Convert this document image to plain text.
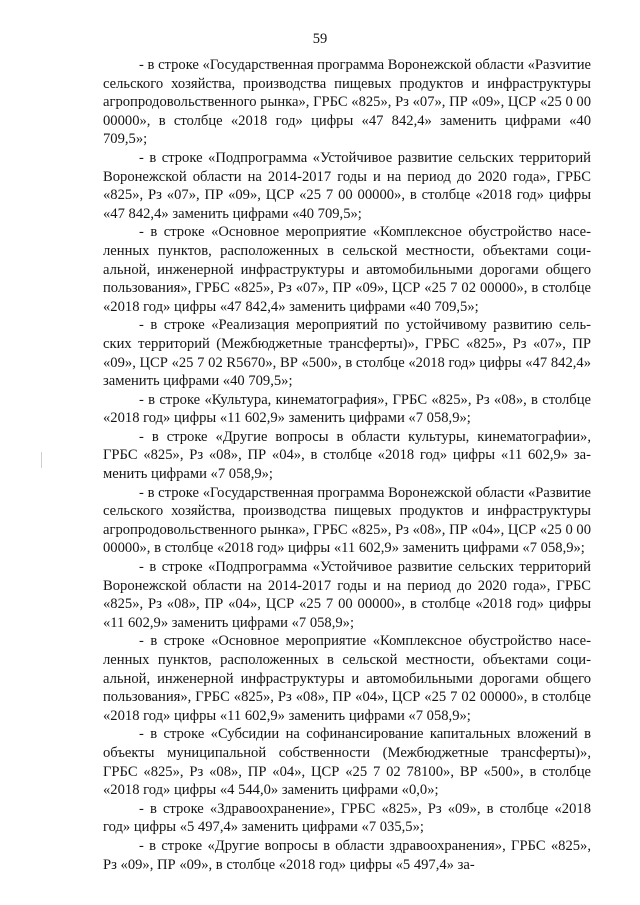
59

- в строке «Государственная программа Воронежской области «Разvитие сельского хозяйства, производства пищевых продуктов и инфраструктуры агропродовольственного рынка», ГРБС «825», Рз «07», ПР «09», ЦСР «25 0 00 00000», в столбце «2018 год» цифры «47 842,4» заменить цифрами «40 709,5»;

- в строке «Подпрограмма «Устойчивое развитие сельских территорий Воронежской области на 2014-2017 годы и на период до 2020 года», ГРБС «825», Рз «07», ПР «09», ЦСР «25 7 00 00000», в столбце «2018 год» цифры «47 842,4» заменить цифрами «40 709,5»;

- в строке «Основное мероприятие «Комплексное обустройство населенных пунктов, расположенных в сельской местности, объектами социальной, инженерной инфраструктуры и автомобильными дорогами общего пользования», ГРБС «825», Рз «07», ПР «09», ЦСР «25 7 02 00000», в столбце «2018 год» цифры «47 842,4» заменить цифрами «40 709,5»;

- в строке «Реализация мероприятий по устойчивому развитию сельских территорий (Межбюджетные трансферты)», ГРБС «825», Рз «07», ПР «09», ЦСР «25 7 02 R5670», ВР «500», в столбце «2018 год» цифры «47 842,4» заменить цифрами «40 709,5»;

- в строке «Культура, кинематография», ГРБС «825», Рз «08», в столбце «2018 год» цифры «11 602,9» заменить цифрами «7 058,9»;

- в строке «Другие вопросы в области культуры, кинематографии», ГРБС «825», Рз «08», ПР «04», в столбце «2018 год» цифры «11 602,9» заменить цифрами «7 058,9»;

- в строке «Государственная программа Воронежской области «Развитие сельского хозяйства, производства пищевых продуктов и инфраструктуры агропродовольственного рынка», ГРБС «825», Рз «08», ПР «04», ЦСР «25 0 00 00000», в столбце «2018 год» цифры «11 602,9» заменить цифрами «7 058,9»;

- в строке «Подпрограмма «Устойчивое развитие сельских территорий Воронежской области на 2014-2017 годы и на период до 2020 года», ГРБС «825», Рз «08», ПР «04», ЦСР «25 7 00 00000», в столбце «2018 год» цифры «11 602,9» заменить цифрами «7 058,9»;

- в строке «Основное мероприятие «Комплексное обустройство населенных пунктов, расположенных в сельской местности, объектами социальной, инженерной инфраструктуры и автомобильными дорогами общего пользования», ГРБС «825», Рз «08», ПР «04», ЦСР «25 7 02 00000», в столбце «2018 год» цифры «11 602,9» заменить цифрами «7 058,9»;

- в строке «Субсидии на софинансирование капитальных вложений в объекты муниципальной собственности (Межбюджетные трансферты)», ГРБС «825», Рз «08», ПР «04», ЦСР «25 7 02 78100», ВР «500», в столбце «2018 год» цифры «4 544,0» заменить цифрами «0,0»;

- в строке «Здравоохранение», ГРБС «825», Рз «09», в столбце «2018 год» цифры «5 497,4» заменить цифрами «7 035,5»;

- в строке «Другие вопросы в области здравоохранения», ГРБС «825», Рз «09», ПР «09», в столбце «2018 год» цифры «5 497,4» за-
